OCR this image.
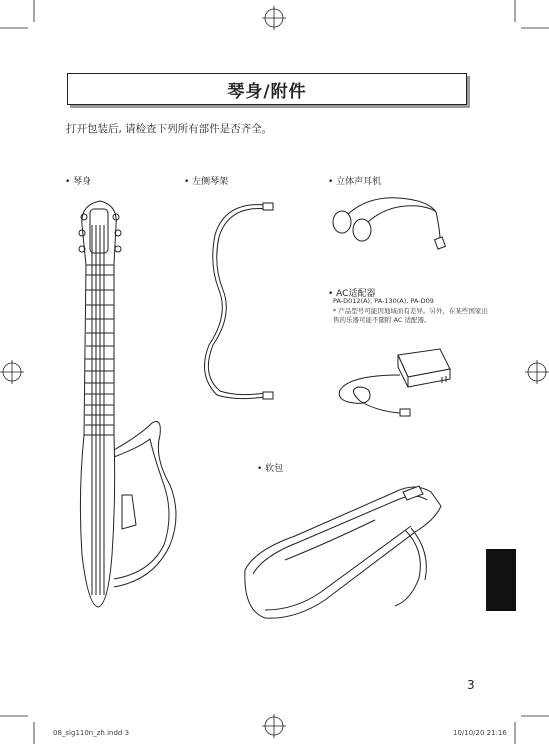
琴身/附件
打开包装后, 请检查下列所有部件是否齐全。
• 琴身	• 左侧琴架	• 立体声耳机
• AC适配器
PA-D012(A), PA-130(A), PA-D09
* 产品型号可能因地域而有差异。另外，在某些国家出售的乐器可能不随附 AC 适配器。
• 软包
3
08_slg110n_zh.indd 3	10/10/20 21:16
